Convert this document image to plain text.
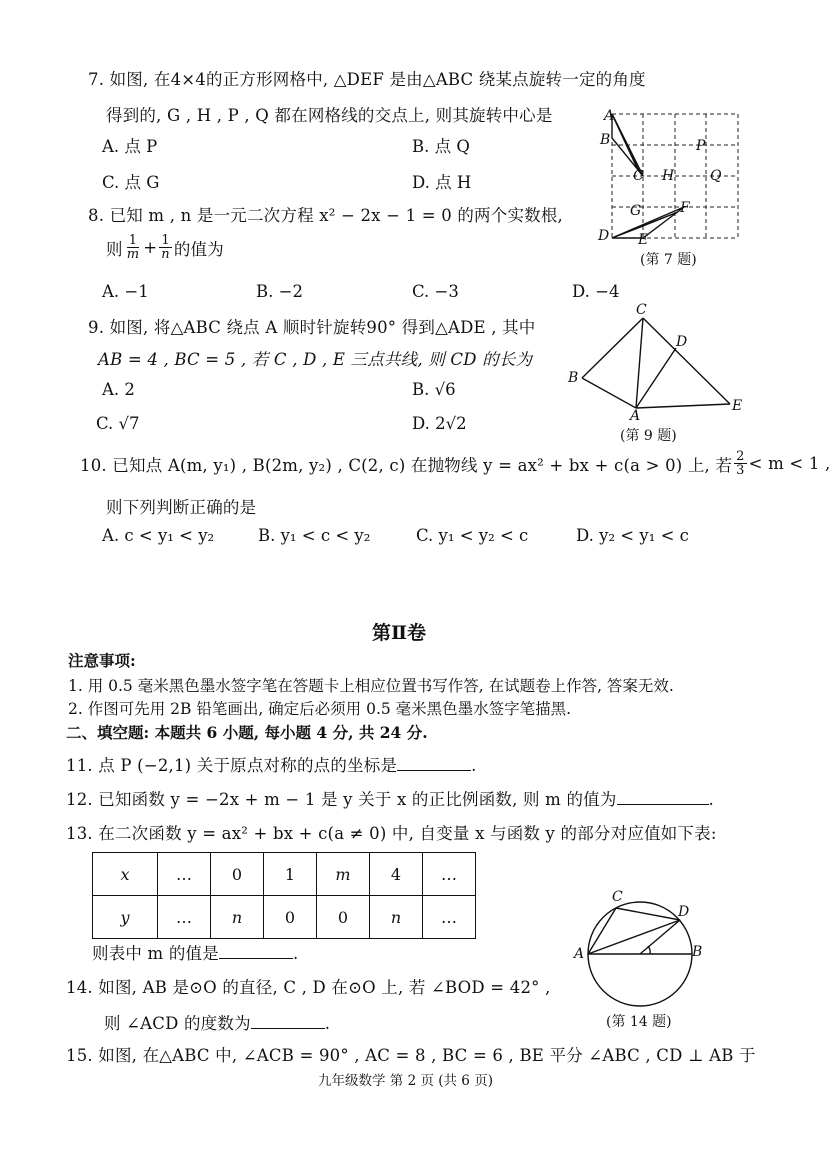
7. 如图, 在4×4的正方形网格中, △DEF 是由△ABC 绕某点旋转一定的角度
得到的, G , H , P , Q 都在网格线的交点上, 则其旋转中心是
A. 点 P	B. 点 Q
C. 点 G	D. 点 H
A
B
C H	Q
P
G	F
D E
(第 7 题)
8. 已知 m , n 是一元二次方程 x² − 2x − 1 = 0 的两个实数根,
则 $\frac{1}{m} + \frac{1}{n}$ 的值为
A. −1	B. −2	C. −3	D. −4
9. 如图, 将△ABC 绕点 A 顺时针旋转90° 得到△ADE , 其中
AB = 4 , BC = 5 , 若 C , D , E 三点共线, 则 CD 的长为
A. 2	B. √6
C. √7	D. 2√2
C
D
B
A
E
(第 9 题)
10. 已知点 A(m, y₁) , B(2m, y₂) , C(2, c) 在抛物线 y = ax² + bx + c(a > 0) 上, 若 $\frac{2}{3} < m < 1$ ,
则下列判断正确的是
A. c < y₁ < y₂	B. y₁ < c < y₂	C. y₁ < y₂ < c	D. y₂ < y₁ < c
第Ⅱ卷
注意事项:
1. 用 0.5 毫米黑色墨水签字笔在答题卡上相应位置书写作答, 在试题卷上作答, 答案无效.
2. 作图可先用 2B 铅笔画出, 确定后必须用 0.5 毫米黑色墨水签字笔描黑.
二、填空题: 本题共 6 小题, 每小题 4 分, 共 24 分.
11. 点 P (−2,1) 关于原点对称的点的坐标是	.
12. 已知函数 y = −2x + m − 1 是 y 关于 x 的正比例函数, 则 m 的值为	.
13. 在二次函数 y = ax² + bx + c(a ≠ 0) 中, 自变量 x 与函数 y 的部分对应值如下表:
x	…	0	1	m	4	…
y	…	n	0	0	n	…
则表中 m 的值是	.
14. 如图, AB 是⊙O 的直径, C , D 在⊙O 上, 若 ∠BOD = 42° ,
则 ∠ACD 的度数为	.
C
D
A	B
(第 14 题)
15. 如图, 在△ABC 中, ∠ACB = 90° , AC = 8 , BC = 6 , BE 平分 ∠ABC , CD ⊥ AB 于
九年级数学 第 2 页 (共 6 页)
